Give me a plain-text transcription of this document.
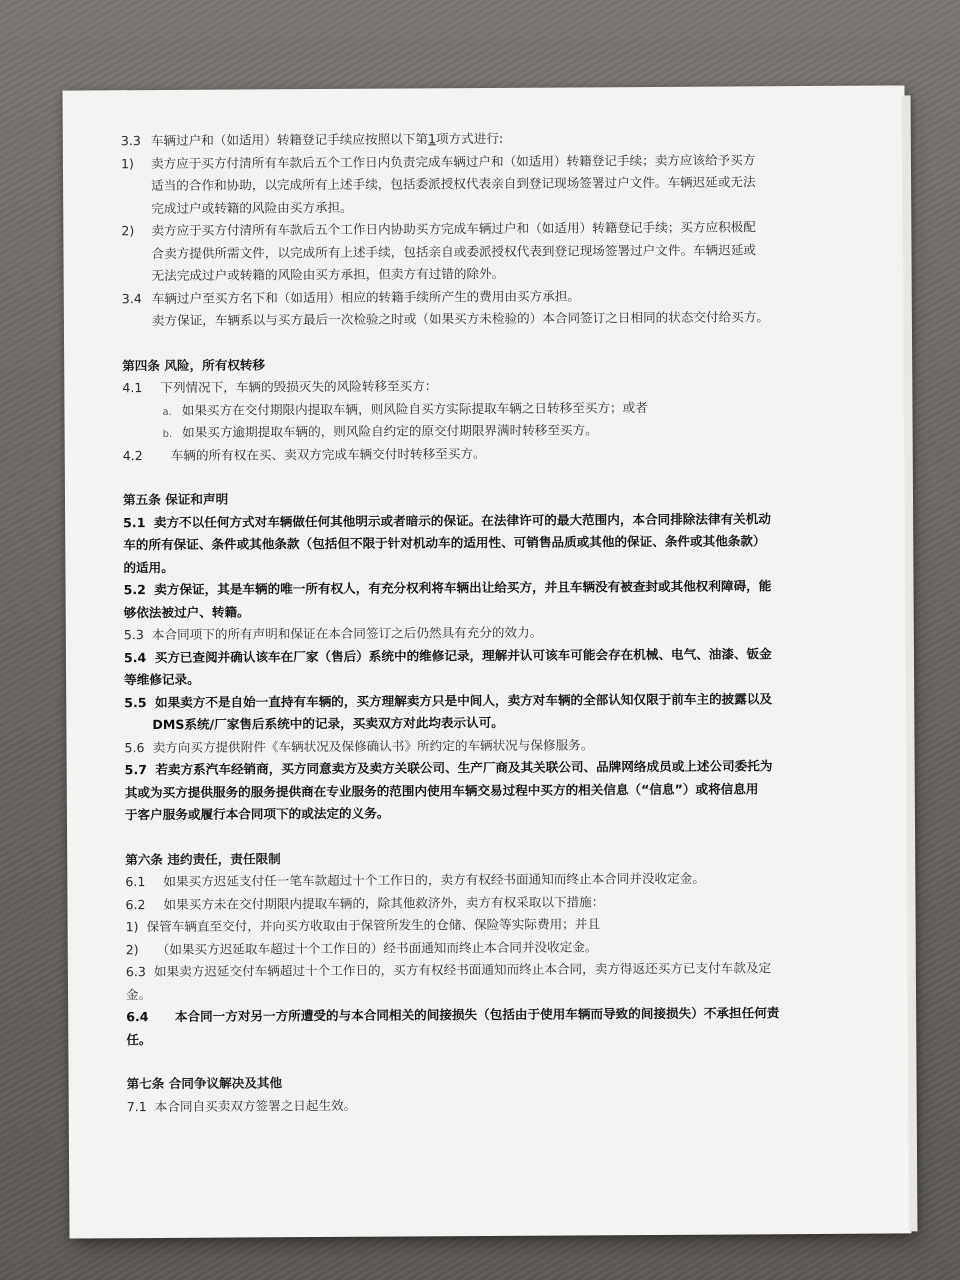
3.3 车辆过户和（如适用）转籍登记手续应按照以下第1项方式进行:
1) 卖方应于买方付清所有车款后五个工作日内负责完成车辆过户和（如适用）转籍登记手续；卖方应该给予买方
适当的合作和协助，以完成所有上述手续，包括委派授权代表亲自到登记现场签署过户文件。车辆迟延或无法
完成过户或转籍的风险由买方承担。
2) 卖方应于买方付清所有车款后五个工作日内协助买方完成车辆过户和（如适用）转籍登记手续；买方应积极配
合卖方提供所需文件，以完成所有上述手续，包括亲自或委派授权代表到登记现场签署过户文件。车辆迟延或
无法完成过户或转籍的风险由买方承担，但卖方有过错的除外。
3.4 车辆过户至买方名下和（如适用）相应的转籍手续所产生的费用由买方承担。
卖方保证，车辆系以与买方最后一次检验之时或（如果买方未检验的）本合同签订之日相同的状态交付给买方。
第四条 风险，所有权转移
4.1 下列情况下，车辆的毁损灭失的风险转移至买方：
a. 如果买方在交付期限内提取车辆，则风险自买方实际提取车辆之日转移至买方；或者
b. 如果买方逾期提取车辆的，则风险自约定的原交付期限界满时转移至买方。
4.2 车辆的所有权在买、卖双方完成车辆交付时转移至买方。
第五条 保证和声明
5.1 卖方不以任何方式对车辆做任何其他明示或者暗示的保证。在法律许可的最大范围内，本合同排除法律有关机动
车的所有保证、条件或其他条款（包括但不限于针对机动车的适用性、可销售品质或其他的保证、条件或其他条款）
的适用。
5.2 卖方保证，其是车辆的唯一所有权人，有充分权利将车辆出让给买方，并且车辆没有被查封或其他权利障碍，能
够依法被过户、转籍。
5.3 本合同项下的所有声明和保证在本合同签订之后仍然具有充分的效力。
5.4 买方已查阅并确认该车在厂家（售后）系统中的维修记录，理解并认可该车可能会存在机械、电气、油漆、钣金
等维修记录。
5.5 如果卖方不是自始一直持有车辆的，买方理解卖方只是中间人，卖方对车辆的全部认知仅限于前车主的披露以及
DMS系统/厂家售后系统中的记录，买卖双方对此均表示认可。
5.6 卖方向买方提供附件《车辆状况及保修确认书》所约定的车辆状况与保修服务。
5.7 若卖方系汽车经销商，买方同意卖方及卖方关联公司、生产厂商及其关联公司、品牌网络成员或上述公司委托为
其或为买方提供服务的服务提供商在专业服务的范围内使用车辆交易过程中买方的相关信息（“信息”）或将信息用
于客户服务或履行本合同项下的或法定的义务。
第六条 违约责任，责任限制
6.1 如果买方迟延支付任一笔车款超过十个工作日的，卖方有权经书面通知而终止本合同并没收定金。
6.2 如果买方未在交付期限内提取车辆的，除其他救济外，卖方有权采取以下措施：
1) 保管车辆直至交付，并向买方收取由于保管所发生的仓储、保险等实际费用；并且
2) （如果买方迟延取车超过十个工作日的）经书面通知而终止本合同并没收定金。
6.3 如果卖方迟延交付车辆超过十个工作日的，买方有权经书面通知而终止本合同，卖方得返还买方已支付车款及定
金。
6.4 本合同一方对另一方所遭受的与本合同相关的间接损失（包括由于使用车辆而导致的间接损失）不承担任何责
任。
第七条 合同争议解决及其他
7.1 本合同自买卖双方签署之日起生效。
